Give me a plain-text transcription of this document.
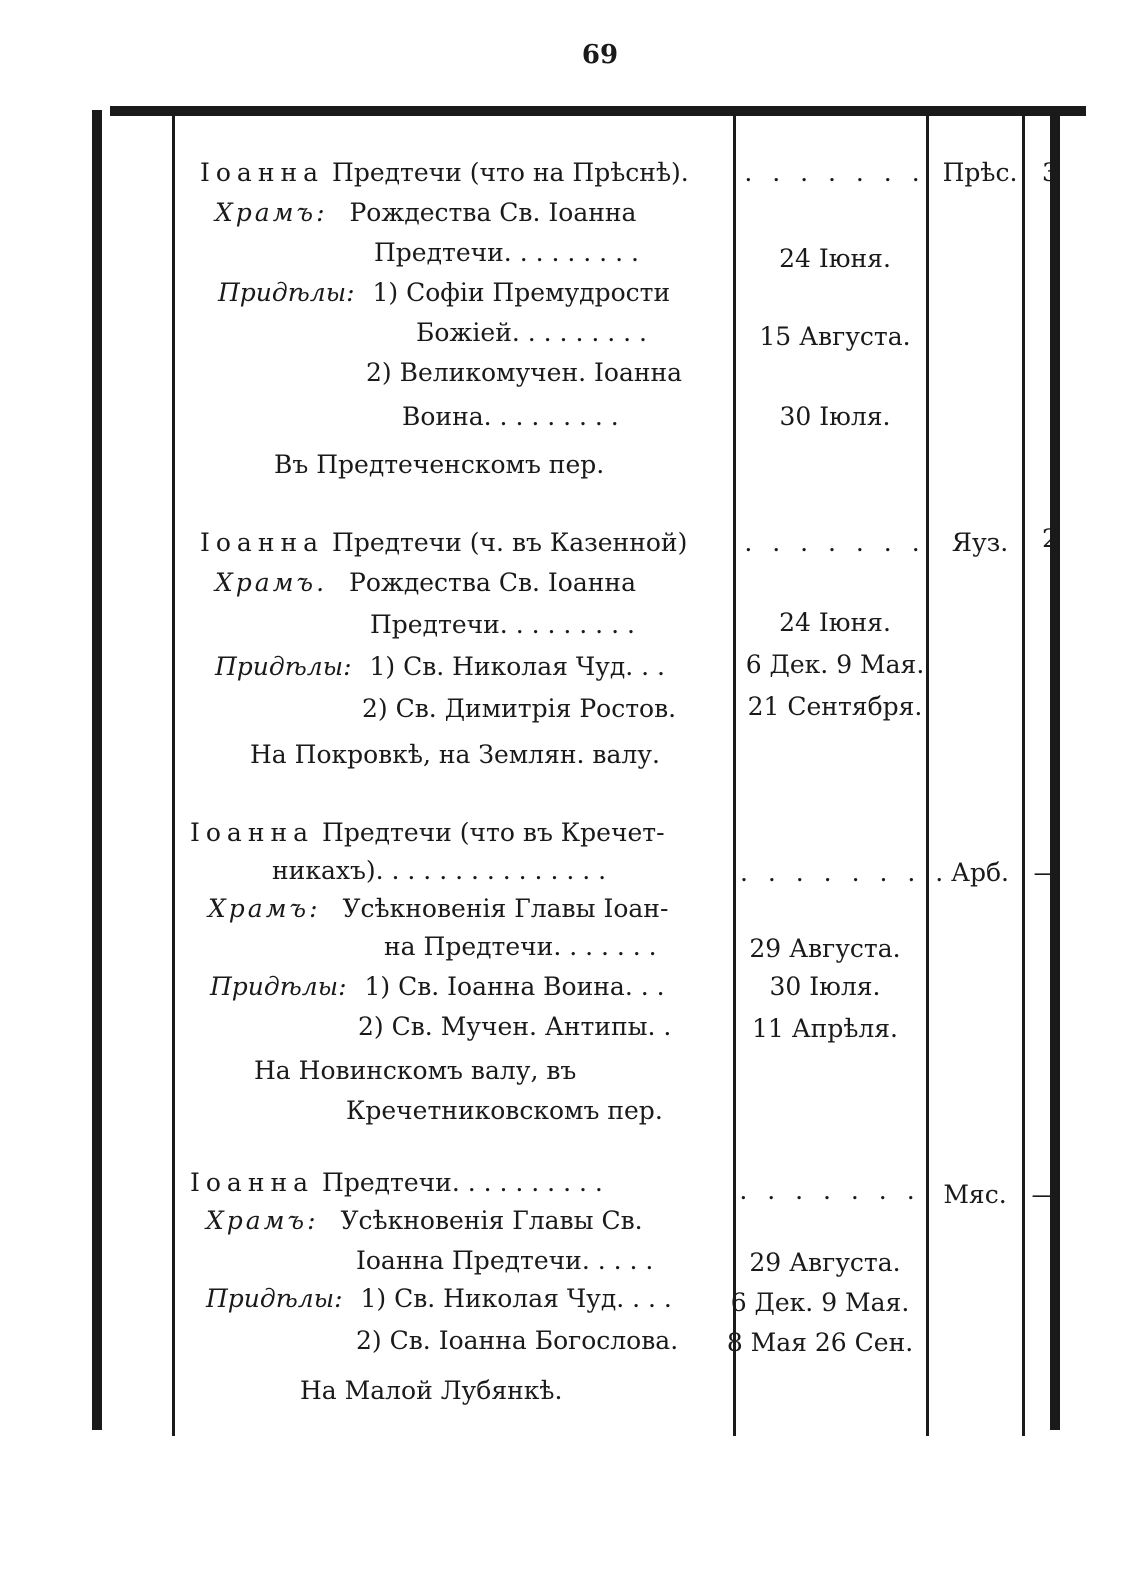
69
Іоанна Предтечи (что на Прѣснѣ).
Храмъ: Рождества Св. Іоанна
Предтечи. . . . . . . . .
Придѣлы: 1) Софіи Премудрости
Божіей. . . . . . . . .
2) Великомучен. Іоанна
Воина. . . . . . . . .
Въ Предтеченскомъ пер.
. . . . . . .
24 Іюня.
15 Августа.
30 Іюля.
Прѣс. 3
Іоанна Предтечи (ч. въ Казенной)
Храмъ. Рождества Св. Іоанна
Предтечи. . . . . . . . .
Придѣлы: 1) Св. Николая Чуд. . .
2) Св. Димитрія Ростов.
На Покровкѣ, на Землян. валу.
. . . . . . .
24 Іюня.
6 Дек. 9 Мая.
21 Сентября.
Яуз.	2
Іоанна Предтечи (что въ Кречет-
никахъ). . . . . . . . . . . . . . .
Храмъ: Усѣкновенія Главы Іоан-
на Предтечи. . . . . . .
Придѣлы: 1) Св. Іоанна Воина. . .
2) Св. Мучен. Антипы. .
На Новинскомъ валу, въ
Кречетниковскомъ пер.
. . . . . . . .
29 Августа.
30 Іюля.
11 Апрѣля.
Арб. —
Іоанна Предтечи. . . . . . . . . .
Храмъ: Усѣкновенія Главы Св.
Іоанна Предтечи. . . . .
Придѣлы: 1) Св. Николая Чуд. . . .
2) Св. Іоанна Богослова.
На Малой Лубянкѣ.
. . . . . . .
29 Августа.
6 Дек. 9 Мая.
8 Мая 26 Сен.
Мяс. —
